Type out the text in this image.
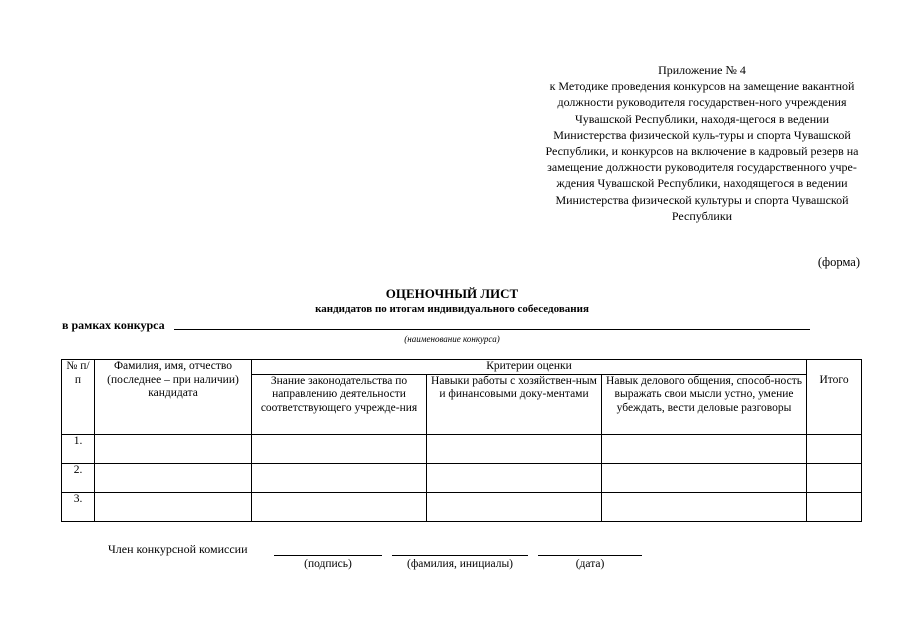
Приложение № 4
к Методике проведения конкурсов на замещение вакантной должности руководителя государствен-ного учреждения Чувашской Республики, находя-щегося в ведении Министерства физической куль-туры и спорта Чувашской Республики, и конкурсов на включение в кадровый резерв на замещение должности руководителя государственного учре-ждения Чувашской Республики, находящегося в ведении Министерства физической культуры и спорта Чувашской Республики
(форма)
ОЦЕНОЧНЫЙ ЛИСТ
кандидатов по итогам индивидуального собеседования
в рамках конкурса
(наименование конкурса)
№ п/п	Фамилия, имя, отчество (последнее – при наличии) кандидата	Критерии оценки			Итого
		Знание законодательства по направлению деятельности соответствующего учрежде-ния	Навыки работы с хозяйствен-ным и финансовыми доку-ментами	Навык делового общения, способ-ность выражать свои мысли устно, умение убеждать, вести деловые разговоры	
1.					
2.					
3.					
Член конкурсной комиссии
(подпись)	(фамилия, инициалы)	(дата)
